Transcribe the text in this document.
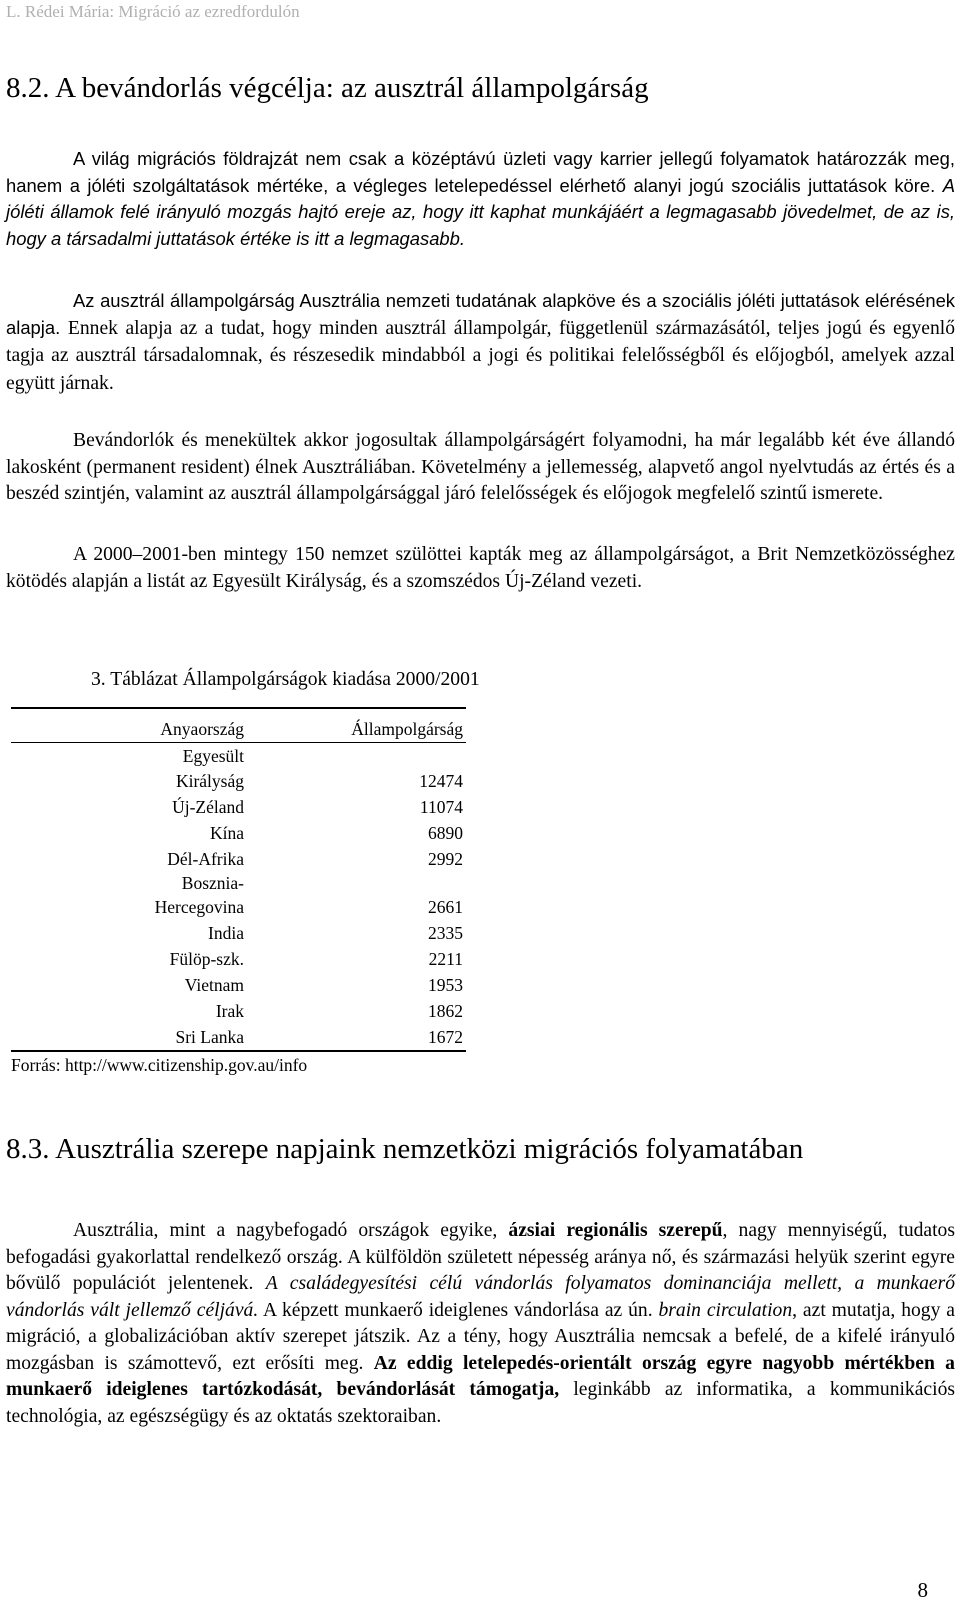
L. Rédei Mária: Migráció az ezredfordulón
8.2. A bevándorlás végcélja: az ausztrál állampolgárság

A világ migrációs földrajzát nem csak a középtávú üzleti vagy karrier jellegű folyamatok határozzák meg, hanem a jóléti szolgáltatások mértéke, a végleges letelepedéssel elérhető alanyi jogú szociális juttatások köre. A jóléti államok felé irányuló mozgás hajtó ereje az, hogy itt kaphat munkájáért a legmagasabb jövedelmet, de az is, hogy a társadalmi juttatások értéke is itt a legmagasabb.

Az ausztrál állampolgárság Ausztrália nemzeti tudatának alapköve és a szociális jóléti juttatások elérésének alapja. Ennek alapja az a tudat, hogy minden ausztrál állampolgár, függetlenül származásától, teljes jogú és egyenlő tagja az ausztrál társadalomnak, és részesedik mindabból a jogi és politikai felelősségből és előjogból, amelyek azzal együtt járnak.

Bevándorlók és menekültek akkor jogosultak állampolgárságért folyamodni, ha már legalább két éve állandó lakosként (permanent resident) élnek Ausztráliában. Követelmény a jellemesség, alapvető angol nyelvtudás az értés és a beszéd szintjén, valamint az ausztrál állampolgársággal járó felelősségek és előjogok megfelelő szintű ismerete.

A 2000–2001-ben mintegy 150 nemzet szülöttei kapták meg az állampolgárságot, a Brit Nemzetközösséghez kötödés alapján a listát az Egyesült Királyság, és a szomszédos Új-Zéland vezeti.

3. Táblázat Állampolgárságok kiadása 2000/2001
Anyaország	Állampolgárság
Egyesült
Királyság	12474
Új-Zéland	11074
Kína	6890
Dél-Afrika	2992
Bosznia-
Hercegovina	2661
India	2335
Fülöp-szk.	2211
Vietnam	1953
Irak	1862
Sri Lanka	1672
Forrás: http://www.citizenship.gov.au/info
8.3. Ausztrália szerepe napjaink nemzetközi migrációs folyamatában

Ausztrália, mint a nagybefogadó országok egyike, ázsiai regionális szerepű, nagy mennyiségű, tudatos befogadási gyakorlattal rendelkező ország. A külföldön született népesség aránya nő, és származási helyük szerint egyre bővülő populációt jelentenek. A családegyesítési célú vándorlás folyamatos dominanciája mellett, a munkaerő vándorlás vált jellemző céljává. A képzett munkaerő ideiglenes vándorlása az ún. brain circulation, azt mutatja, hogy a migráció, a globalizációban aktív szerepet játszik. Az a tény, hogy Ausztrália nemcsak a befelé, de a kifelé irányuló mozgásban is számottevő, ezt erősíti meg. Az eddig letelepedés-orientált ország egyre nagyobb mértékben a munkaerő ideiglenes tartózkodását, bevándorlását támogatja, leginkább az informatika, a kommunikációs technológia, az egészségügy és az oktatás szektoraiban.

8
